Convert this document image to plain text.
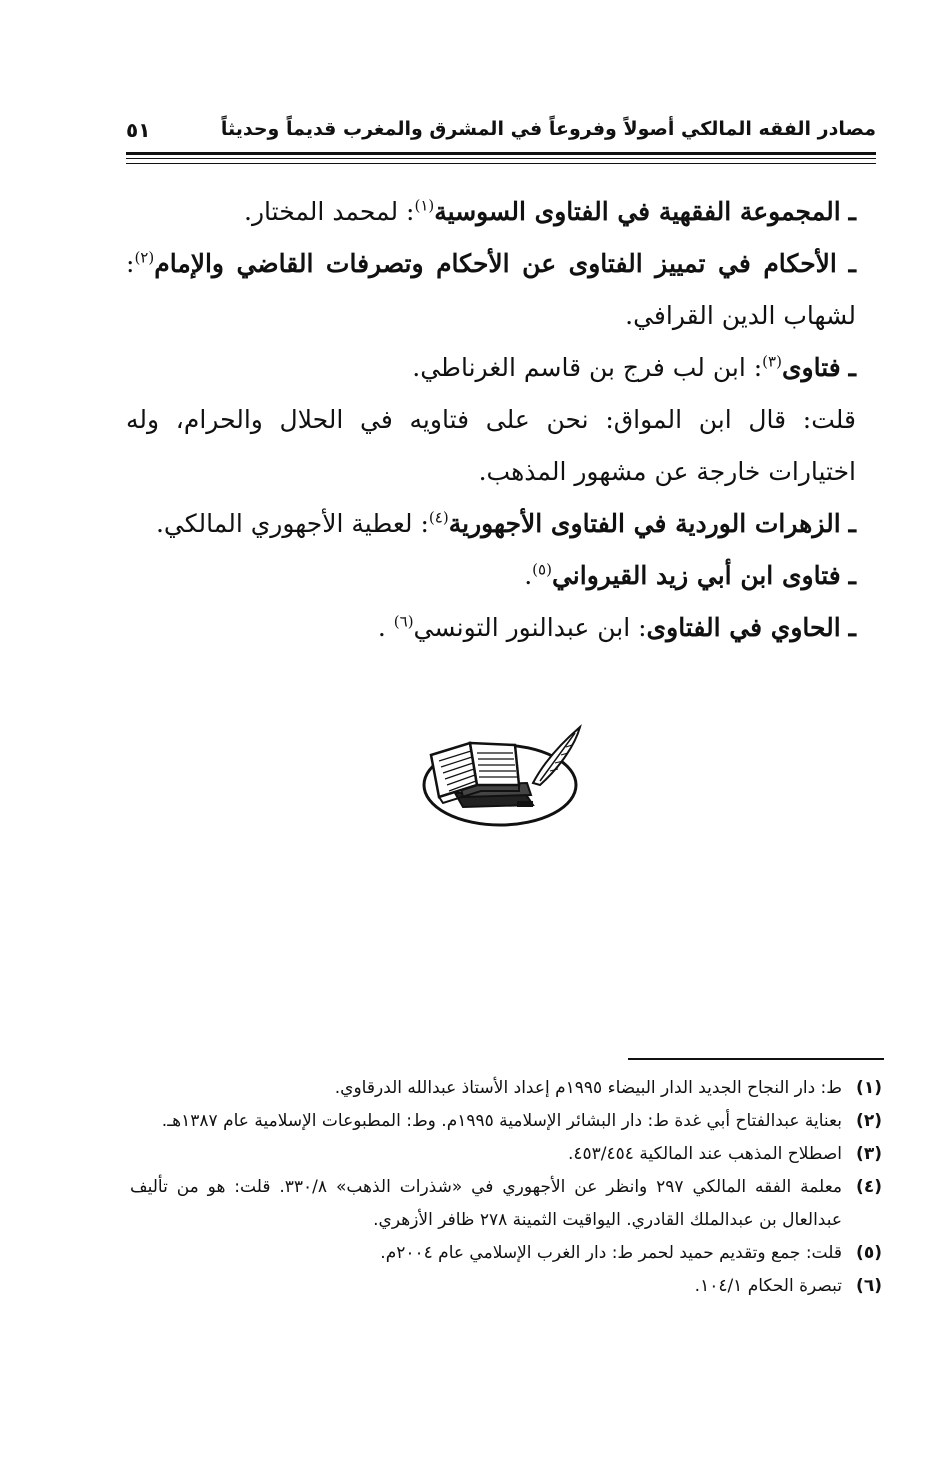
مصادر الفقه المالكي أصولاً وفروعاً في المشرق والمغرب قديماً وحديثاً
٥١

ـ المجموعة الفقهية في الفتاوى السوسية$^{(١)}$: لمحمد المختار.

ـ الأحكام في تمييز الفتاوى عن الأحكام وتصرفات القاضي والإمام$^{(٢)}$: لشهاب الدين القرافي.

ـ فتاوى$^{(٣)}$: ابن لب فرج بن قاسم الغرناطي.

قلت: قال ابن المواق: نحن على فتاويه في الحلال والحرام، وله اختيارات خارجة عن مشهور المذهب.

ـ الزهرات الوردية في الفتاوى الأجهورية$^{(٤)}$: لعطية الأجهوري المالكي.

ـ فتاوى ابن أبي زيد القيرواني$^{(٥)}$.

ـ الحاوي في الفتاوى: ابن عبدالنور التونسي$^{(٦)}$ .

(١)
ط: دار النجاح الجديد الدار البيضاء ١٩٩٥م إعداد الأستاذ عبدالله الدرقاوي.
(٢)
بعناية عبدالفتاح أبي غدة ط: دار البشائر الإسلامية ١٩٩٥م. وط: المطبوعات الإسلامية عام ١٣٨٧هـ.
(٣)
اصطلاح المذهب عند المالكية ٤٥٣/٤٥٤.
(٤)
معلمة الفقه المالكي ٢٩٧ وانظر عن الأجهوري في «شذرات الذهب» ٣٣٠/٨. قلت: هو من تأليف عبدالعال بن عبدالملك القادري. اليواقيت الثمينة ٢٧٨ ظافر الأزهري.
(٥)
قلت: جمع وتقديم حميد لحمر ط: دار الغرب الإسلامي عام ٢٠٠٤م.
(٦)
تبصرة الحكام ١٠٤/١.
